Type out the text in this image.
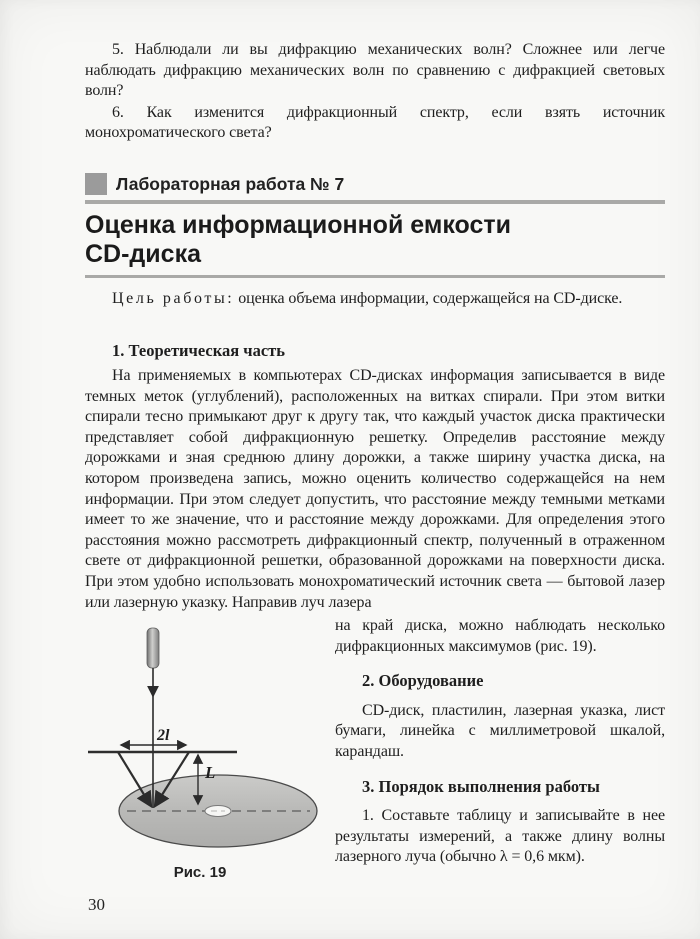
5. Наблюдали ли вы дифракцию механических волн? Сложнее или легче наблюдать дифракцию механических волн по сравнению с дифракцией световых волн?

6. Как изменится дифракционный спектр, если взять источник монохроматического света?

Лабораторная работа № 7
Оценка информационной емкости
CD-диска

Цель работы: оценка объема информации, содержащейся на CD-диске.

1. Теоретическая часть

На применяемых в компьютерах CD-дисках информация записывается в виде темных меток (углублений), расположенных на витках спирали. При этом витки спирали тесно примыкают друг к другу так, что каждый участок диска практически представляет собой дифракционную решетку. Определив расстояние между дорожками и зная среднюю длину дорожки, а также ширину участка диска, на котором произведена запись, можно оценить количество содержащейся на нем информации. При этом следует допустить, что расстояние между темными метками имеет то же значение, что и расстояние между дорожками. Для определения этого расстояния можно рассмотреть дифракционный спектр, полученный в отраженном свете от дифракционной решетки, образованной дорожками на поверхности диска. При этом удобно использовать монохроматический источник света — бытовой лазер или лазерную указку. Направив луч лазера

2l
L
Рис. 19

на край диска, можно наблюдать несколько дифракционных максимумов (рис. 19).

2. Оборудование

CD-диск, пластилин, лазерная указка, лист бумаги, линейка с миллиметровой шкалой, карандаш.

3. Порядок выполнения работы

1. Составьте таблицу и записывайте в нее результаты измерений, а также длину волны лазерного луча (обычно λ = 0,6 мкм).

30
